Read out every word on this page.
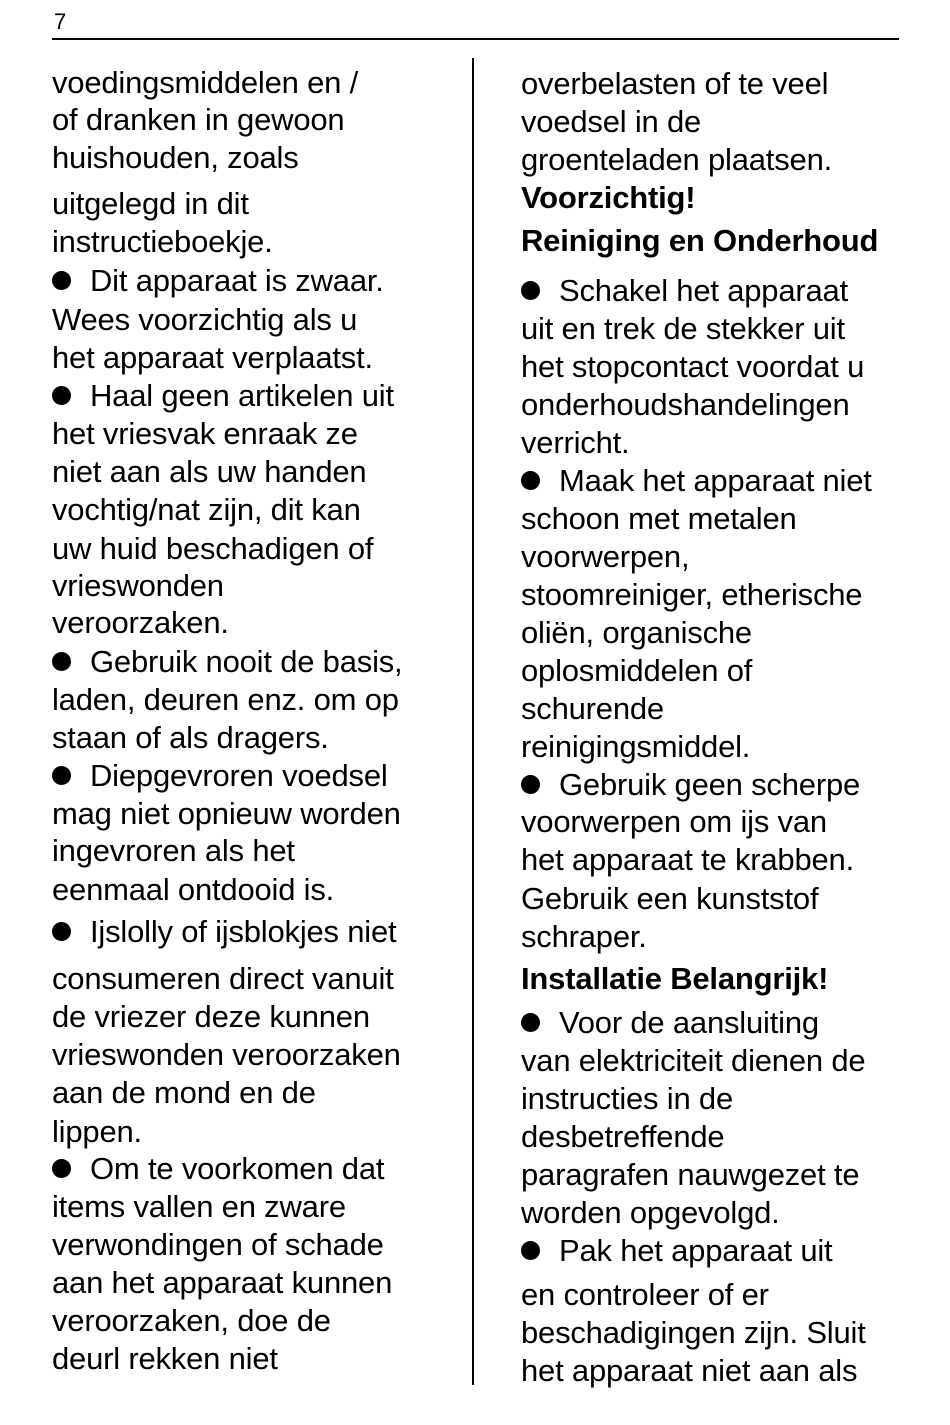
7
voedingsmiddelen en /
of dranken in gewoon
huishouden, zoals
uitgelegd in dit
instructieboekje.
Dit apparaat is zwaar.
Wees voorzichtig als u
het apparaat verplaatst.
Haal geen artikelen uit
het vriesvak enraak ze
niet aan als uw handen
vochtig/nat zijn, dit kan
uw huid beschadigen of
vrieswonden
veroorzaken.
Gebruik nooit de basis,
laden, deuren enz. om op
staan of als dragers.
Diepgevroren voedsel
mag niet opnieuw worden
ingevroren als het
eenmaal ontdooid is.
Ijslolly of ijsblokjes niet
consumeren direct vanuit
de vriezer deze kunnen
vrieswonden veroorzaken
aan de mond en de
lippen.
Om te voorkomen dat
items vallen en zware
verwondingen of schade
aan het apparaat kunnen
veroorzaken, doe de
deurl rekken niet
overbelasten of te veel
voedsel in de
groenteladen plaatsen.
Voorzichtig!
Reiniging en Onderhoud
Schakel het apparaat
uit en trek de stekker uit
het stopcontact voordat u
onderhoudshandelingen
verricht.
Maak het apparaat niet
schoon met metalen
voorwerpen,
stoomreiniger, etherische
oliën, organische
oplosmiddelen of
schurende
reinigingsmiddel.
Gebruik geen scherpe
voorwerpen om ijs van
het apparaat te krabben.
Gebruik een kunststof
schraper.
Installatie Belangrijk!
Voor de aansluiting
van elektriciteit dienen de
instructies in de
desbetreffende
paragrafen nauwgezet te
worden opgevolgd.
Pak het apparaat uit
en controleer of er
beschadigingen zijn. Sluit
het apparaat niet aan als
